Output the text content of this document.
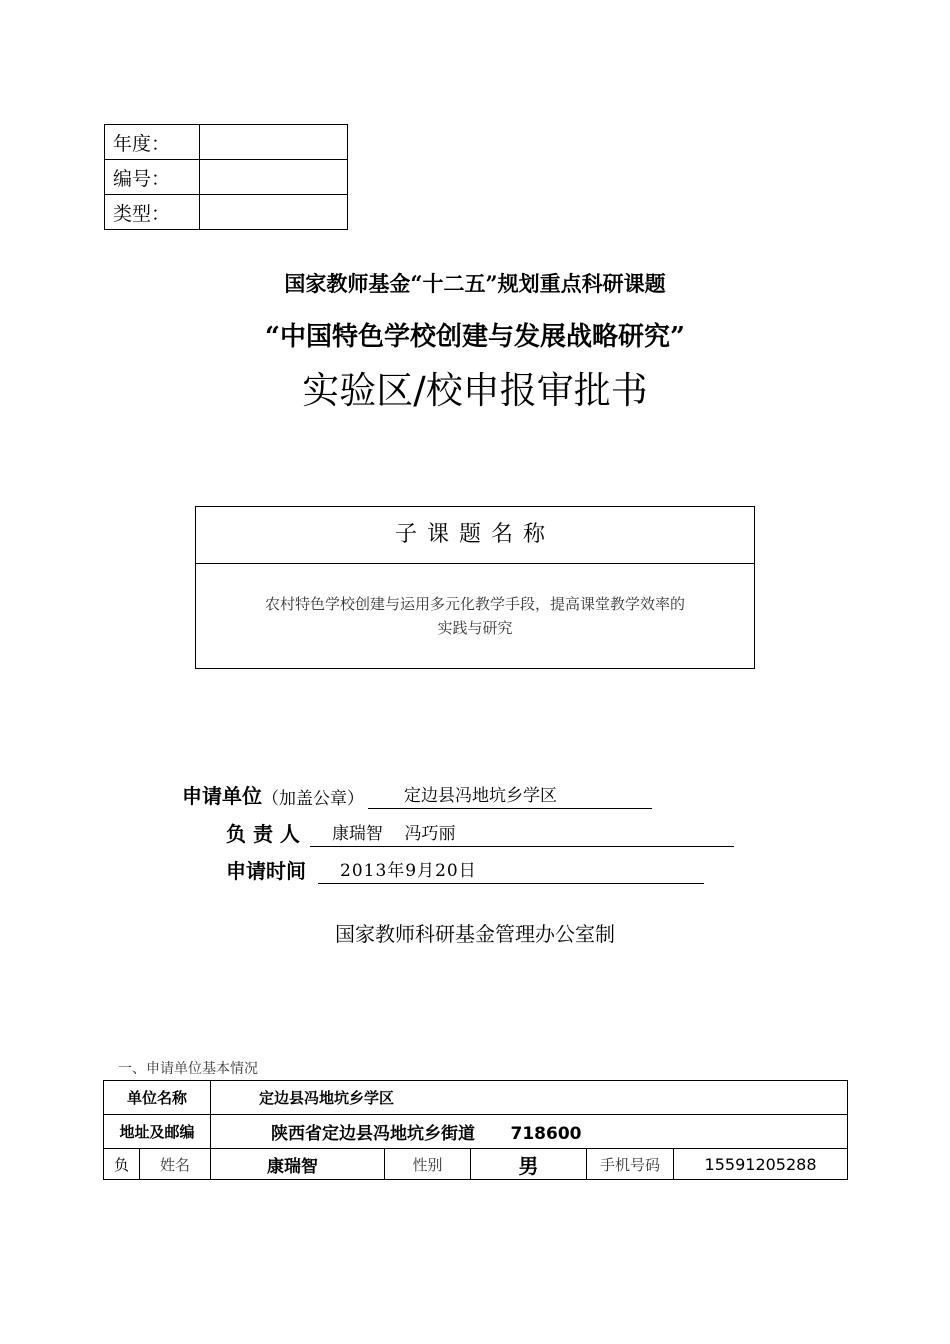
年度：	
编号：	
类型：	
国家教师基金“十二五”规划重点科研课题
“中国特色学校创建与发展战略研究”
实验区/校申报审批书
子课题名称
农村特色学校创建与运用多元化教学手段，提高课堂教学效率的
实践与研究
申请单位 （加盖公章）	定边县冯地坑乡学区
负 责 人	康瑞智    冯巧丽
申请时间	2013年9月20日
国家教师科研基金管理办公室制
一、申请单位基本情况
单位名称		定边县冯地坑乡学区				
地址及邮编		陕西省定边县冯地坑乡街道      718600				
负	姓名	康瑞智	性别	男	手机号码	15591205288
